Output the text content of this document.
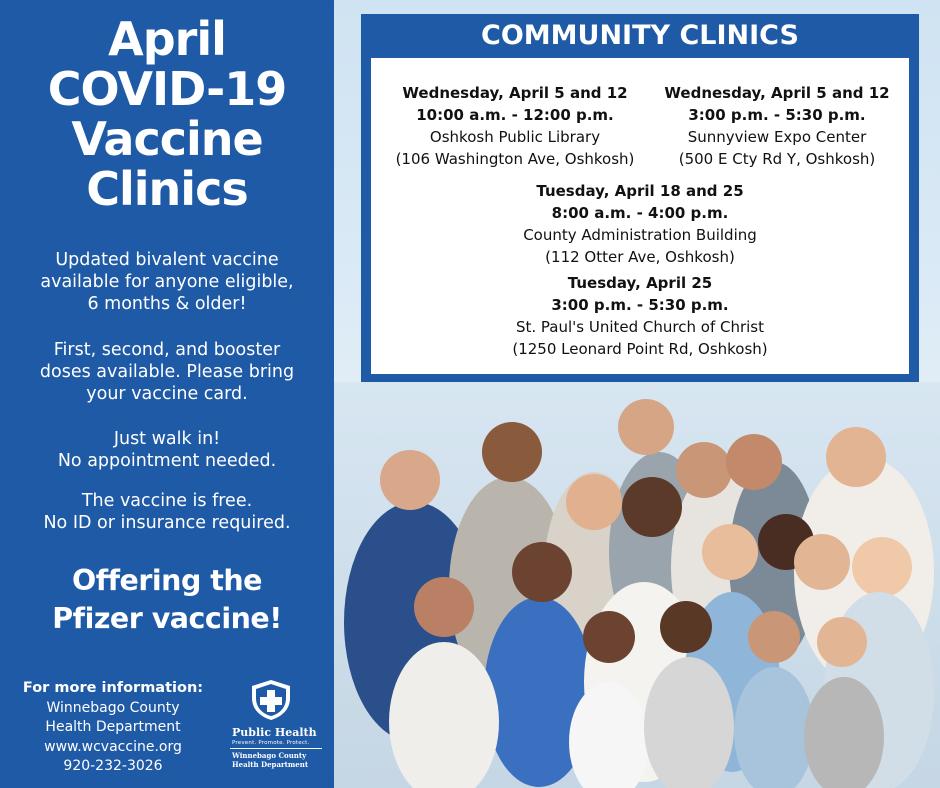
April
COVID-19
Vaccine
Clinics
Updated bivalent vaccine
available for anyone eligible,
6 months & older!
First, second, and booster
doses available. Please bring
your vaccine card.
Just walk in!
No appointment needed.
The vaccine is free.
No ID or insurance required.
Offering the
Pfizer vaccine!
For more information:
Winnebago County
Health Department
www.wcvaccine.org
920-232-3026
Public Health
Prevent. Promote. Protect.
Winnebago County
Health Department
COMMUNITY CLINICS
Wednesday, April 5 and 12
10:00 a.m. - 12:00 p.m.
Oshkosh Public Library
(106 Washington Ave, Oshkosh)
Wednesday, April 5 and 12
3:00 p.m. - 5:30 p.m.
Sunnyview Expo Center
(500 E Cty Rd Y, Oshkosh)
Tuesday, April 18 and 25
8:00 a.m. - 4:00 p.m.
County Administration Building
(112 Otter Ave, Oshkosh)
Tuesday, April 25
3:00 p.m. - 5:30 p.m.
St. Paul's United Church of Christ
(1250 Leonard Point Rd, Oshkosh)
